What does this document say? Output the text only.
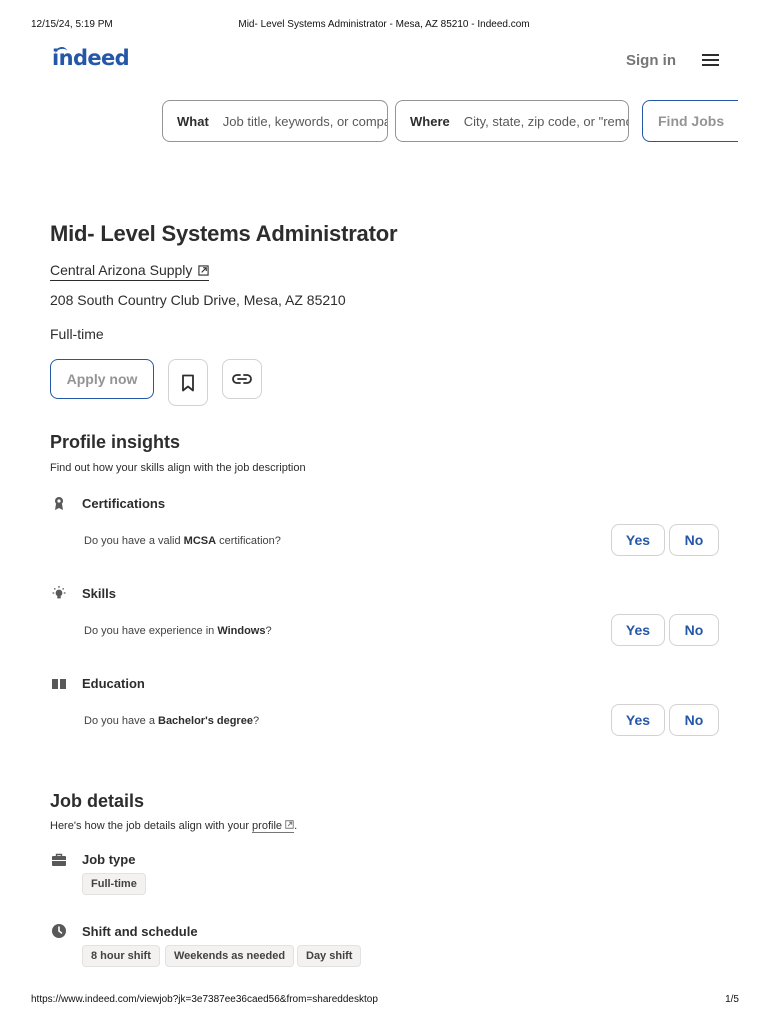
12/15/24, 5:19 PM	Mid- Level Systems Administrator - Mesa, AZ 85210 - Indeed.com
indeed	Sign in
What
Job title, keywords, or company	Where
City, state, zip code, or "remote"	Find Jobs
Mid- Level Systems Administrator
Central Arizona Supply
208 South Country Club Drive, Mesa, AZ 85210
Full-time
Apply now
Profile insights
Find out how your skills align with the job description
Certifications
Do you have a valid MCSA certification?	Yes	No
Skills
Do you have experience in Windows?	Yes	No
Education
Do you have a Bachelor's degree?	Yes	No
Job details
Here's how the job details align with your profile .
Job type
Full-time
Shift and schedule
8 hour shift	Weekends as needed	Day shift
https://www.indeed.com/viewjob?jk=3e7387ee36caed56&from=shareddesktop	1/5
